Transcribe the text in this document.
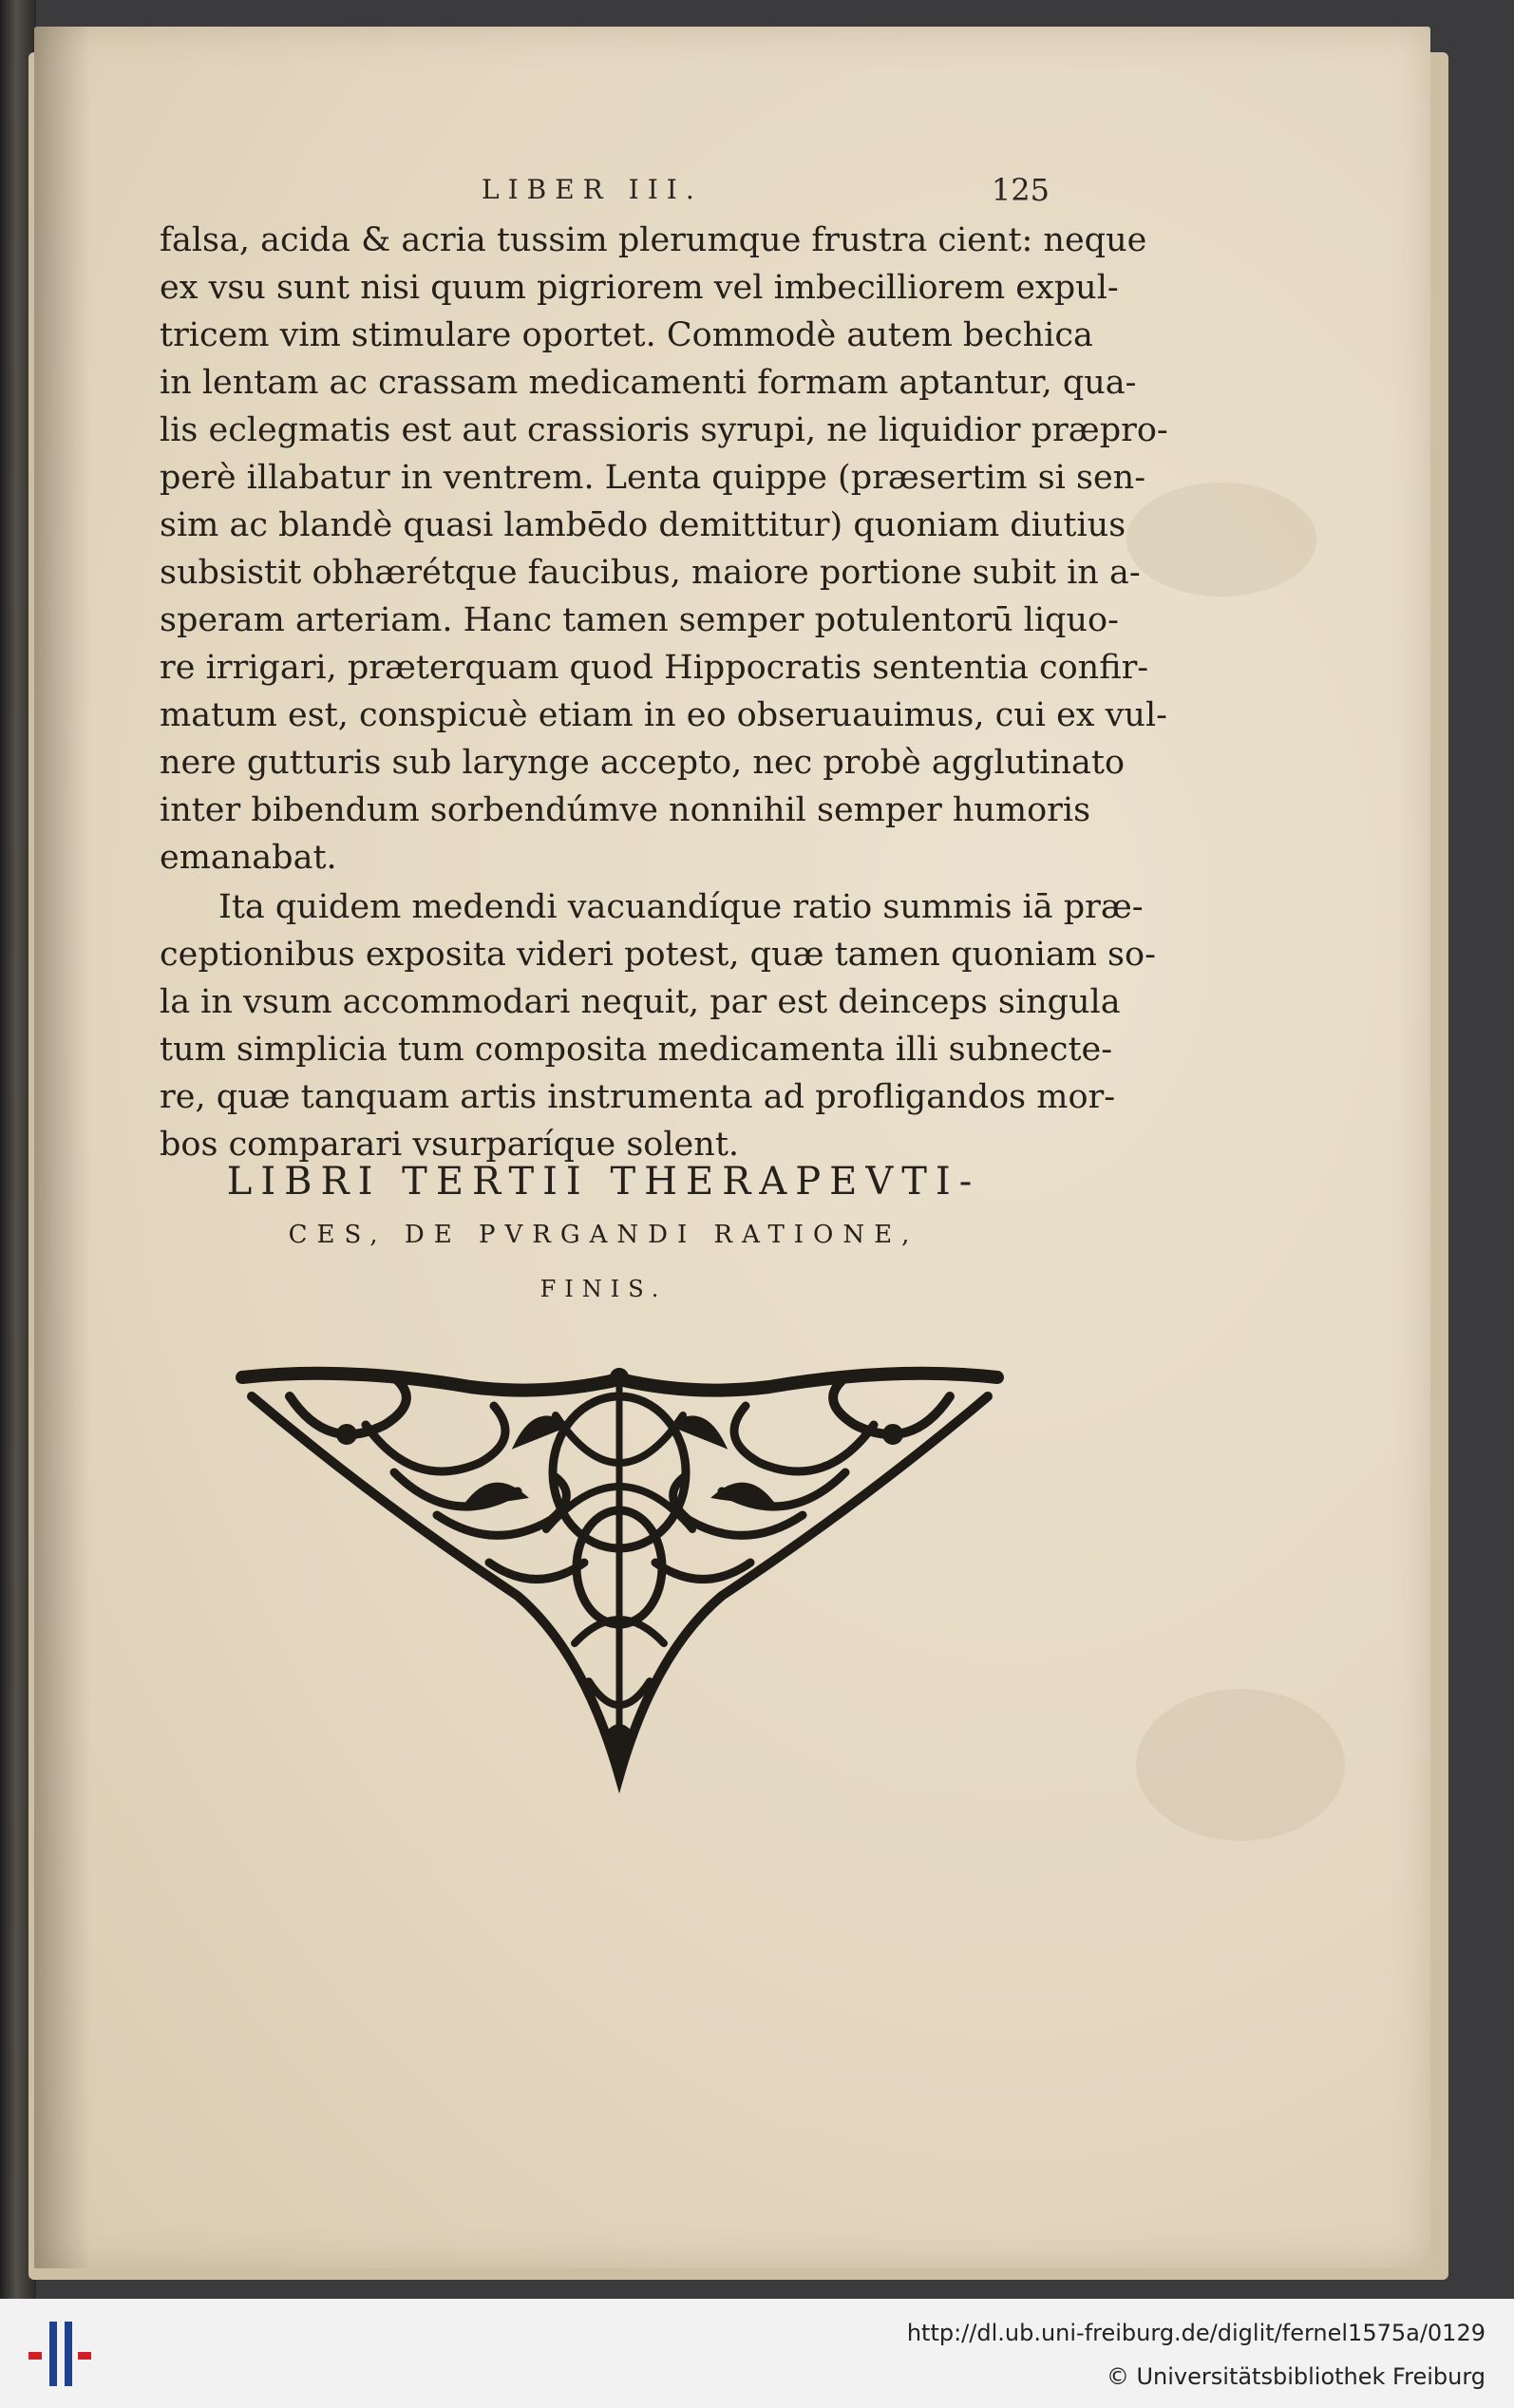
LIBER III.	125
falsa, acida & acria tussim plerumque frustra cient: neque
ex vsu sunt nisi quum pigriorem vel imbecilliorem expul-
tricem vim stimulare oportet. Commodè autem bechica
in lentam ac crassam medicamenti formam aptantur, qua-
lis eclegmatis est aut crassioris syrupi, ne liquidior præpro-
perè illabatur in ventrem. Lenta quippe (præsertim si sen-
sim ac blandè quasi lambēdo demittitur) quoniam diutius
subsistit obhærétque faucibus, maiore portione subit in a-
speram arteriam. Hanc tamen semper potulentorū liquo-
re irrigari, præterquam quod Hippocratis sententia confir-
matum est, conspicuè etiam in eo obseruauimus, cui ex vul-
nere gutturis sub larynge accepto, nec probè agglutinato
inter bibendum sorbendúmve nonnihil semper humoris
emanabat.
Ita quidem medendi vacuandíque ratio summis iā præ-
ceptionibus exposita videri potest, quæ tamen quoniam so-
la in vsum accommodari nequit, par est deinceps singula
tum simplicia tum composita medicamenta illi subnecte-
re, quæ tanquam artis instrumenta ad profligandos mor-
bos comparari vsurparíque solent.
LIBRI TERTII THERAPEVTI-
CES, DE PVRGANDI RATIONE,
FINIS.
http://dl.ub.uni-freiburg.de/diglit/fernel1575a/0129
© Universitätsbibliothek Freiburg
